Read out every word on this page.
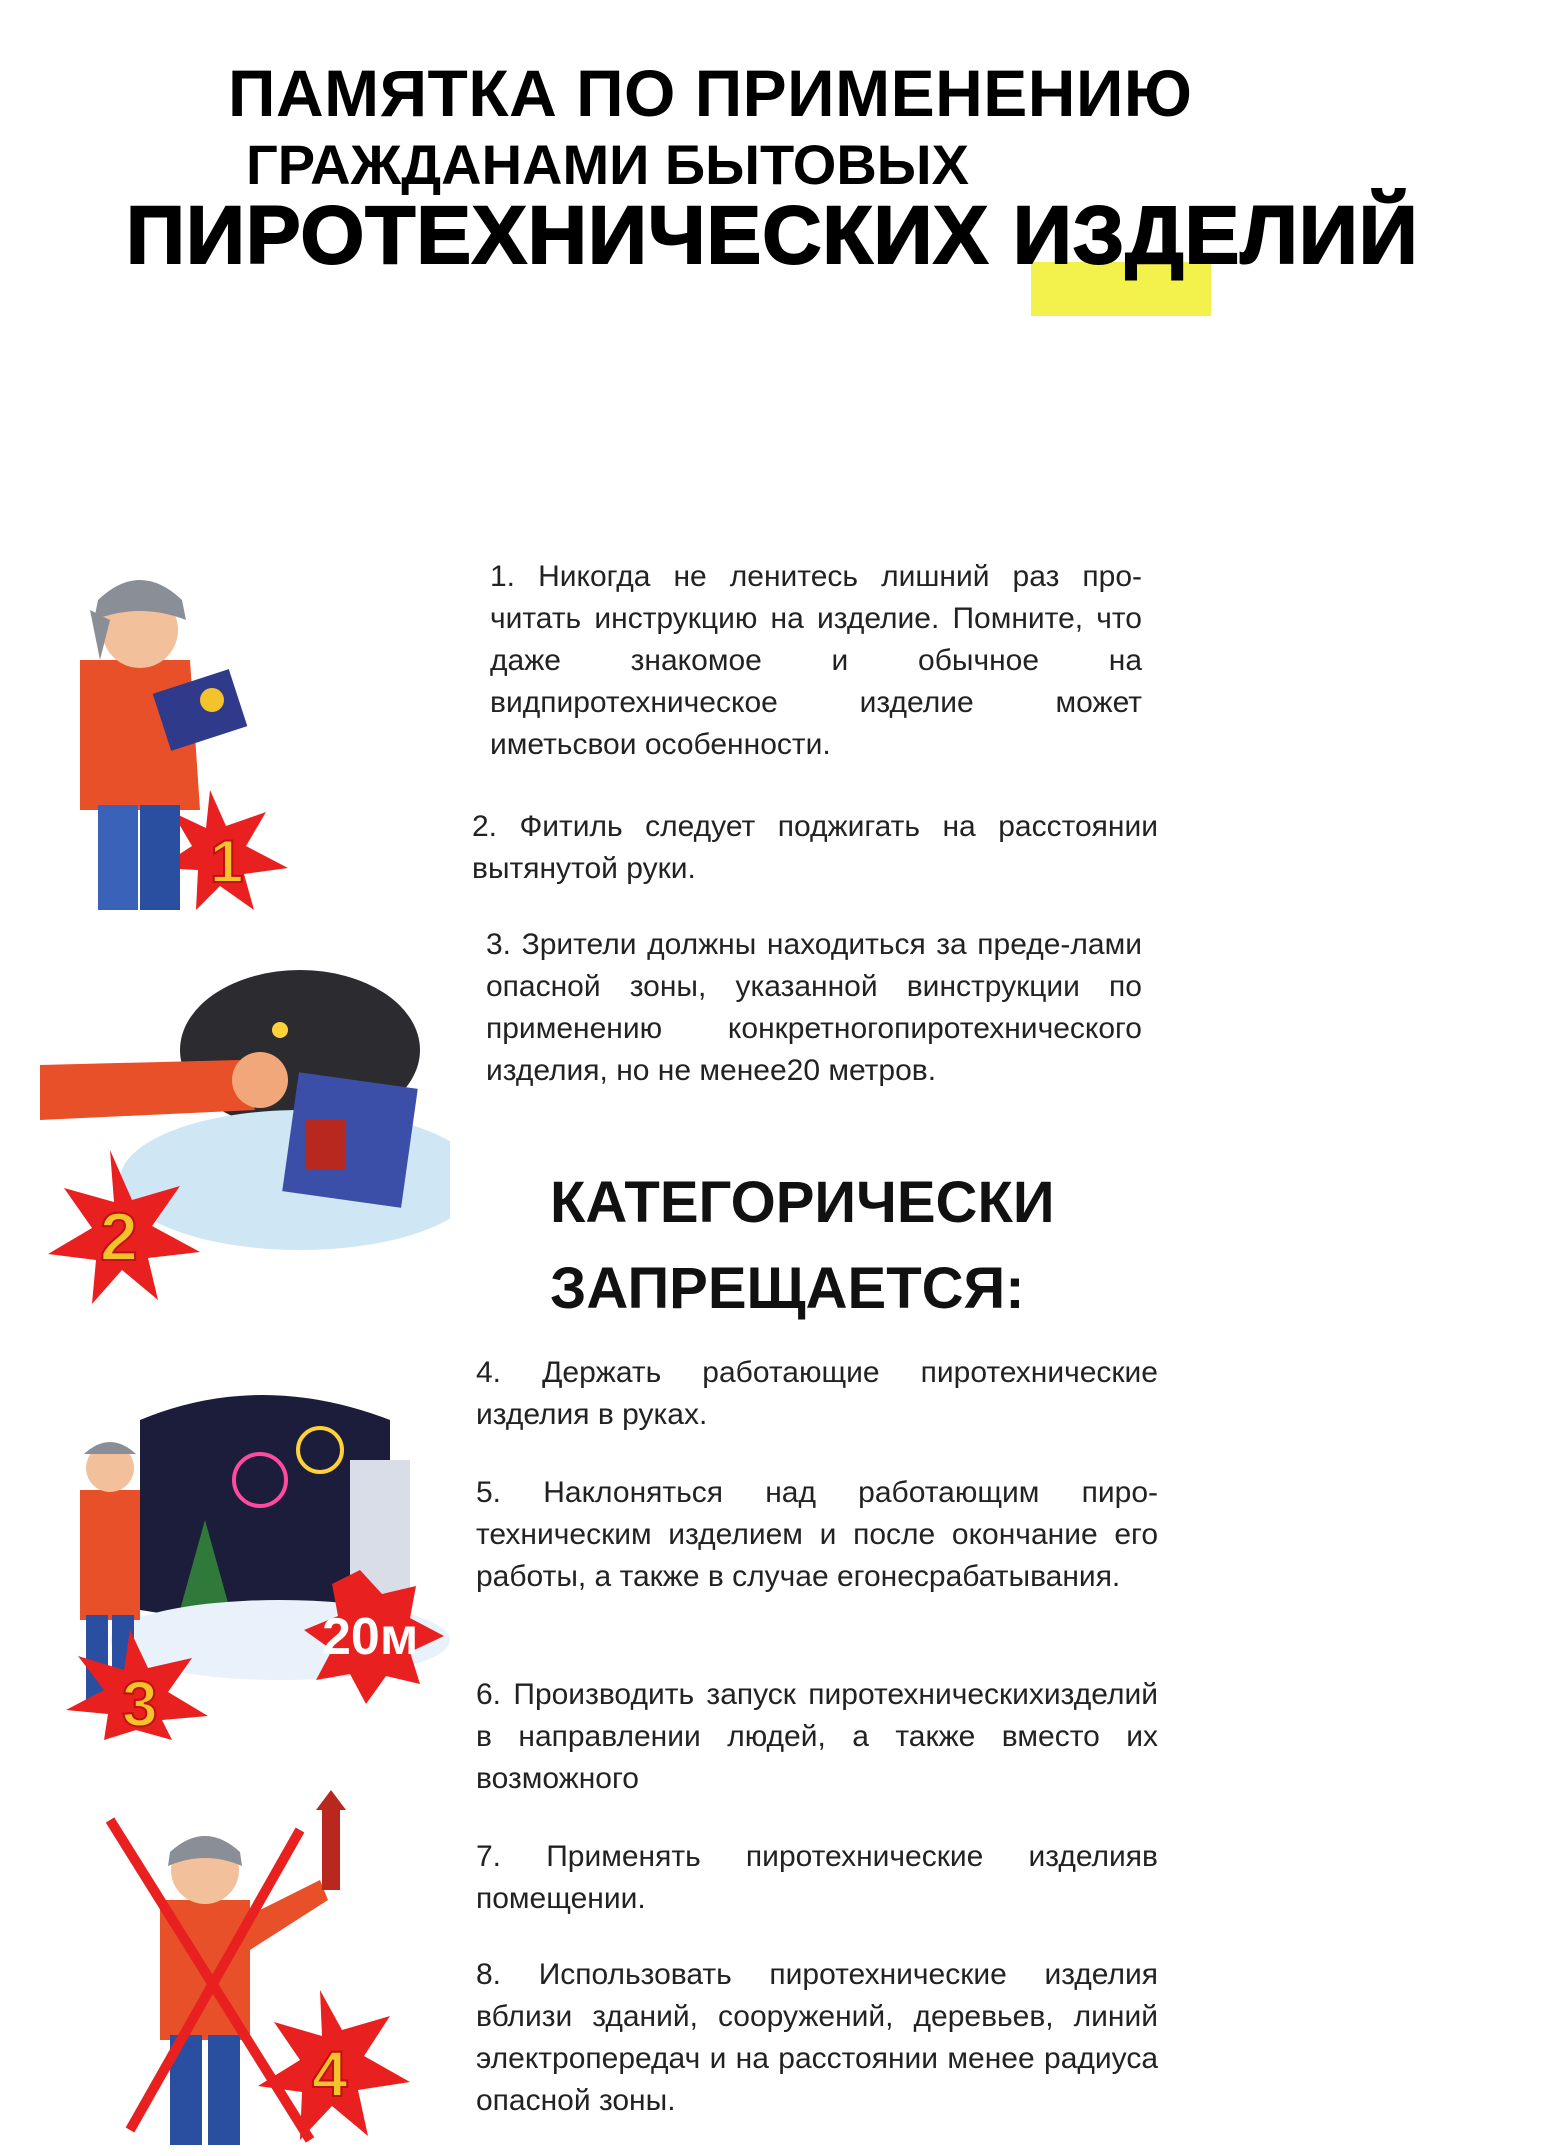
ПАМЯТКА ПО ПРИМЕНЕНИЮ
ГРАЖДАНАМИ БЫТОВЫХ
ПИРОТЕХНИЧЕСКИХ ИЗДЕЛИЙ
1
2
20м
3
4
1. Никогда не ленитесь лишний раз про-читать инструкцию на изделие. Помните, что даже знакомое и обычное на видпиротехническое изделие может иметьсвои особенности.
2. Фитиль следует поджигать на расстоянии вытянутой руки.
3. Зрители должны находиться за преде-лами опасной зоны, указанной винструкции по применению конкретногопиротехнического изделия, но не менее20 метров.
КАТЕГОРИЧЕСКИ
ЗАПРЕЩАЕТСЯ:
4. Держать работающие пиротехнические изделия в руках.
5. Наклоняться над работающим пиро-техническим изделием и после окончание его работы, а также в случае егонесрабатывания.
6. Производить запуск пиротехническихизделий в направлении людей, а также вместо их возможного
7. Применять пиротехнические изделияв помещении.
8. Использовать пиротехнические изделия вблизи зданий, сооружений, деревьев, линий электропередач и на расстоянии менее радиуса опасной зоны.
